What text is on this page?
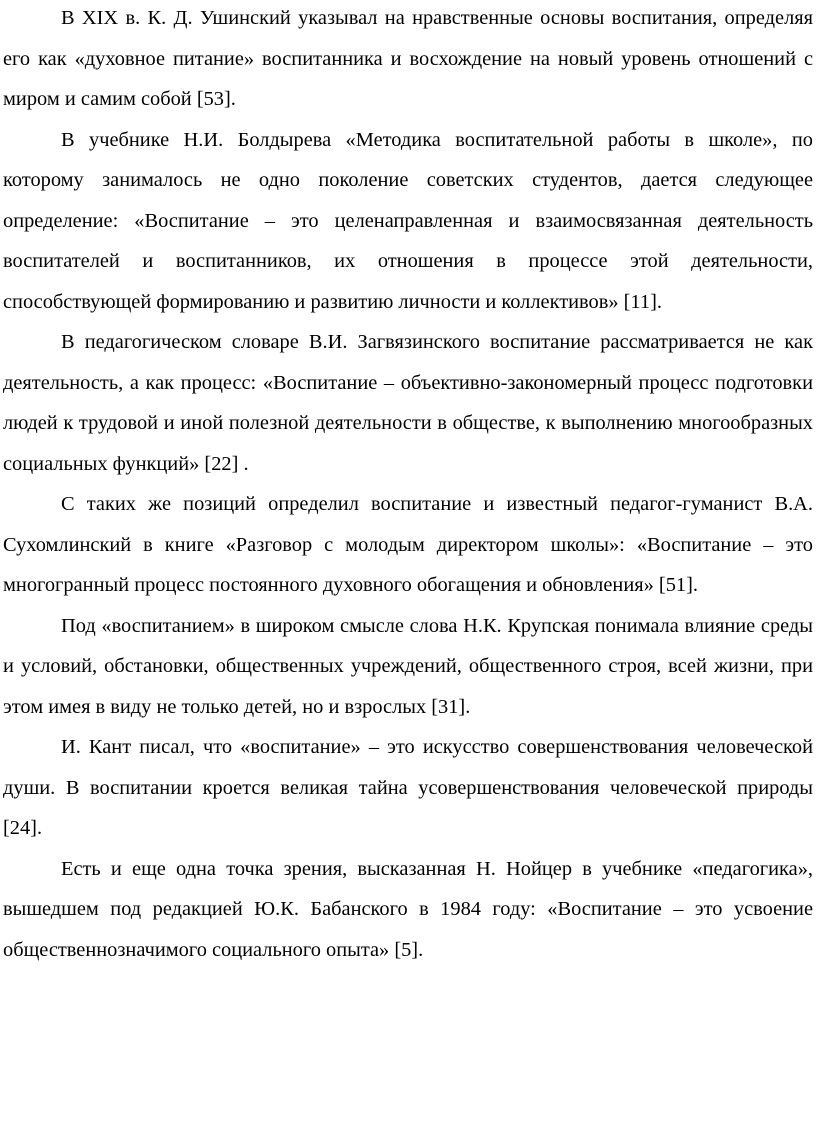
В XIX в. К. Д. Ушинский указывал на нравственные основы воспитания, определяя его как «духовное питание» воспитанника и восхождение на новый уровень отношений с миром и самим собой [53].

В учебнике Н.И. Болдырева «Методика воспитательной работы в школе», по которому занималось не одно поколение советских студентов, дается следующее определение: «Воспитание – это целенаправленная и взаимосвязанная деятельность воспитателей и воспитанников, их отношения в процессе этой деятельности, способствующей формированию и развитию личности и коллективов» [11].

В педагогическом словаре В.И. Загвязинского воспитание рассматривается не как деятельность, а как процесс: «Воспитание – объективно-закономерный процесс подготовки людей к трудовой и иной полезной деятельности в обществе, к выполнению многообразных социальных функций» [22] .

С таких же позиций определил воспитание и известный педагог-гуманист В.А. Сухомлинский в книге «Разговор с молодым директором школы»: «Воспитание – это многогранный процесс постоянного духовного обогащения и обновления» [51].

Под «воспитанием» в широком смысле слова Н.К. Крупская понимала влияние среды и условий, обстановки, общественных учреждений, общественного строя, всей жизни, при этом имея в виду не только детей, но и взрослых [31].

И. Кант писал, что «воспитание» – это искусство совершенствования человеческой души. В воспитании кроется великая тайна усовершенствования человеческой природы [24].

Есть и еще одна точка зрения, высказанная Н. Нойцер в учебнике «педагогика», вышедшем под редакцией Ю.К. Бабанского в 1984 году: «Воспитание – это усвоение общественнозначимого социального опыта» [5].
